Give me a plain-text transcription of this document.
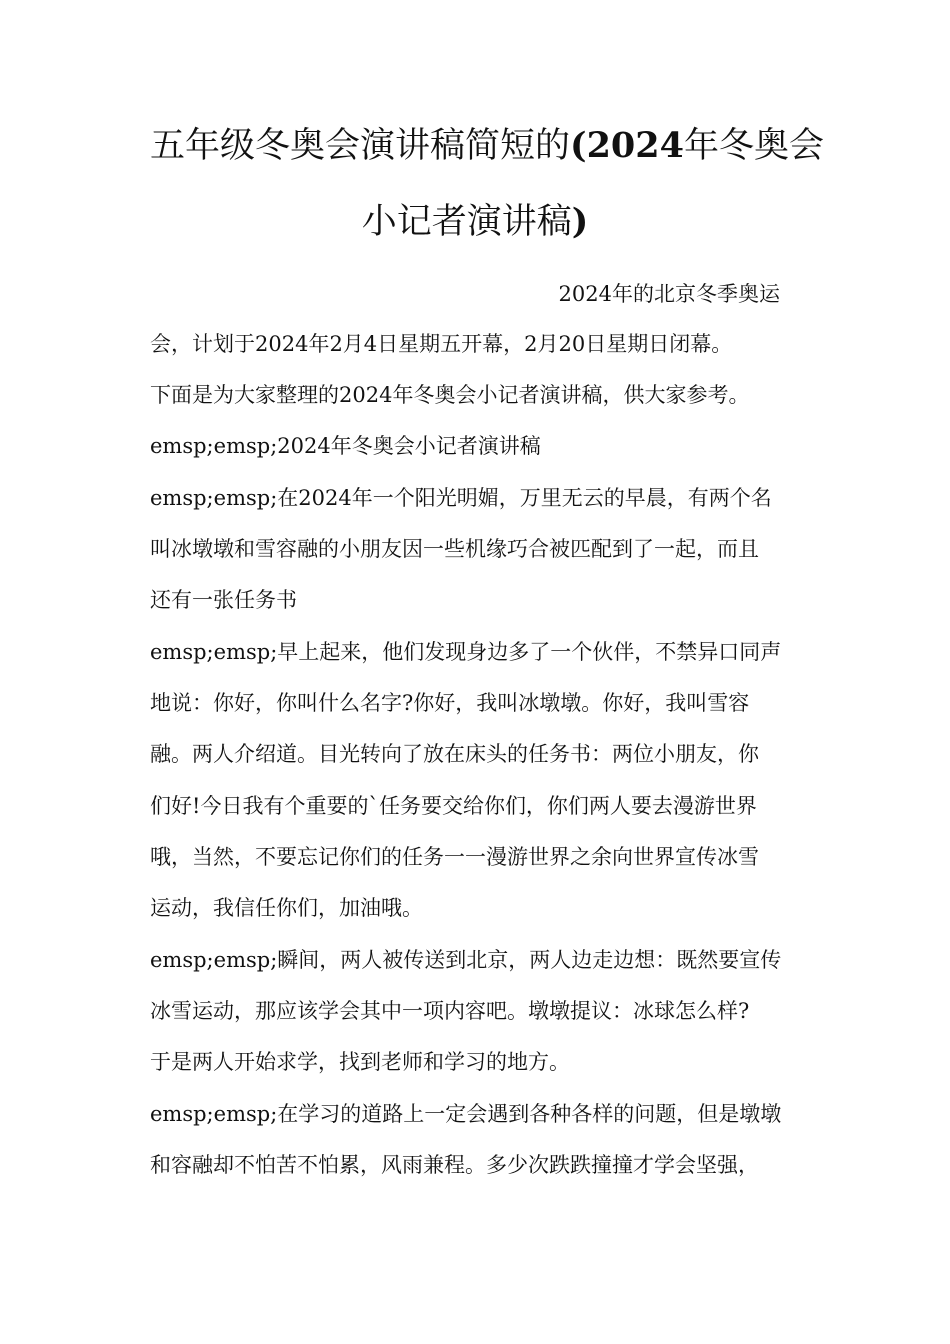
五年级冬奥会演讲稿简短的(2024年冬奥会
小记者演讲稿)

2024年的北京冬季奥运

会，计划于2024年2月4日星期五开幕，2月20日星期日闭幕。

下面是为大家整理的2024年冬奥会小记者演讲稿，供大家参考。

emsp;emsp;2024年冬奥会小记者演讲稿

emsp;emsp;在2024年一个阳光明媚，万里无云的早晨，有两个名

叫冰墩墩和雪容融的小朋友因一些机缘巧合被匹配到了一起，而且

还有一张任务书

emsp;emsp;早上起来，他们发现身边多了一个伙伴，不禁异口同声

地说：你好，你叫什么名字?你好，我叫冰墩墩。你好，我叫雪容

融。两人介绍道。目光转向了放在床头的任务书：两位小朋友，你

们好!今日我有个重要的`任务要交给你们，你们两人要去漫游世界

哦，当然，不要忘记你们的任务一一漫游世界之余向世界宣传冰雪

运动，我信任你们，加油哦。

emsp;emsp;瞬间，两人被传送到北京，两人边走边想：既然要宣传

冰雪运动，那应该学会其中一项内容吧。墩墩提议：冰球怎么样?

于是两人开始求学，找到老师和学习的地方。

emsp;emsp;在学习的道路上一定会遇到各种各样的问题，但是墩墩

和容融却不怕苦不怕累，风雨兼程。多少次跌跌撞撞才学会坚强，
